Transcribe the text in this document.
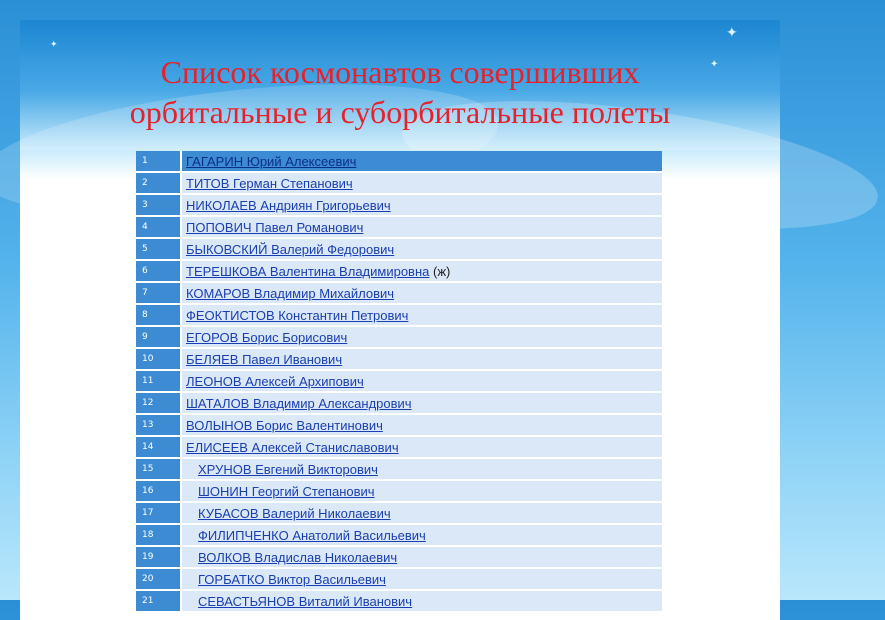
✦
✦
✦
Список космонавтов совершивших
орбитальные и суборбитальные полеты
1	ГАГАРИН Юрий Алексеевич
2	ТИТОВ Герман Степанович
3	НИКОЛАЕВ Андриян Григорьевич
4	ПОПОВИЧ Павел Романович
5	БЫКОВСКИЙ Валерий Федорович
6	ТЕРЕШКОВА Валентина Владимировна (ж)
7	КОМАРОВ Владимир Михайлович
8	ФЕОКТИСТОВ Константин Петрович
9	ЕГОРОВ Борис Борисович
10	БЕЛЯЕВ Павел Иванович
11	ЛЕОНОВ Алексей Архипович
12	ШАТАЛОВ Владимир Александрович
13	ВОЛЫНОВ Борис Валентинович
14	ЕЛИСЕЕВ Алексей Станиславович
15	ХРУНОВ Евгений Викторович
16	ШОНИН Георгий Степанович
17	КУБАСОВ Валерий Николаевич
18	ФИЛИПЧЕНКО Анатолий Васильевич
19	ВОЛКОВ Владислав Николаевич
20	ГОРБАТКО Виктор Васильевич
21	СЕВАСТЬЯНОВ Виталий Иванович
